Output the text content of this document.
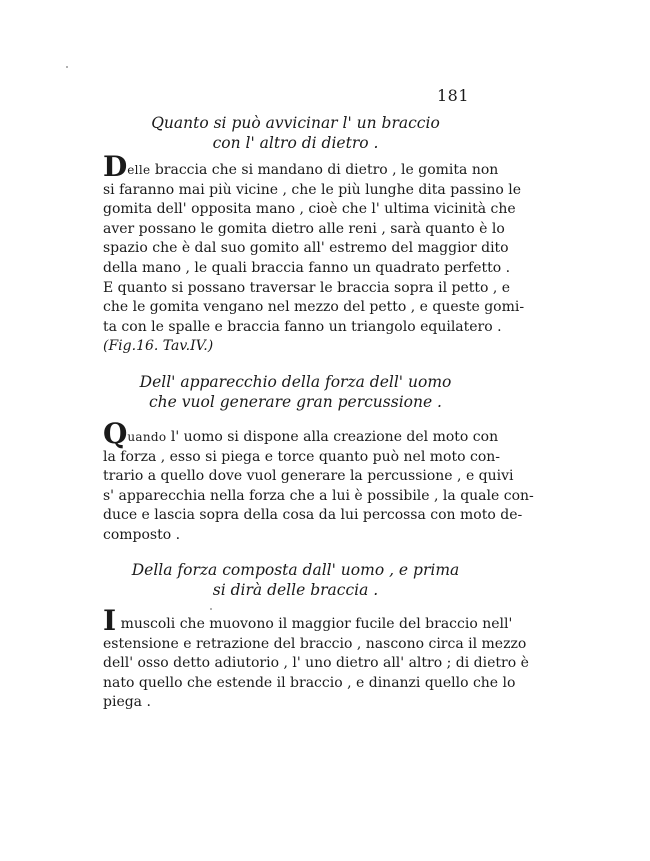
181
Quanto si può avvicinar l' un braccio
con l' altro di dietro .
Delle braccia che si mandano di dietro , le gomita non
si faranno mai più vicine , che le più lunghe dita passino le
gomita dell' opposita mano , cioè che l' ultima vicinità che
aver possano le gomita dietro alle reni , sarà quanto è lo
spazio che è dal suo gomito all' estremo del maggior dito
della mano , le quali braccia fanno un quadrato perfetto .
E quanto si possano traversar le braccia sopra il petto , e
che le gomita vengano nel mezzo del petto , e queste gomi-
ta con le spalle e braccia fanno un triangolo equilatero .
(Fig.16. Tav.IV.)
Dell' apparecchio della forza dell' uomo
che vuol generare gran percussione .
Quando l' uomo si dispone alla creazione del moto con
la forza , esso si piega e torce quanto può nel moto con-
trario a quello dove vuol generare la percussione , e quivi
s' apparecchia nella forza che a lui è possibile , la quale con-
duce e lascia sopra della cosa da lui percossa con moto de-
composto .
Della forza composta dall' uomo , e prima
si dirà delle braccia .
I muscoli che muovono il maggior fucile del braccio nell'
estensione e retrazione del braccio , nascono circa il mezzo
dell' osso detto adiutorio , l' uno dietro all' altro ; di dietro è
nato quello che estende il braccio , e dinanzi quello che lo
piega .
